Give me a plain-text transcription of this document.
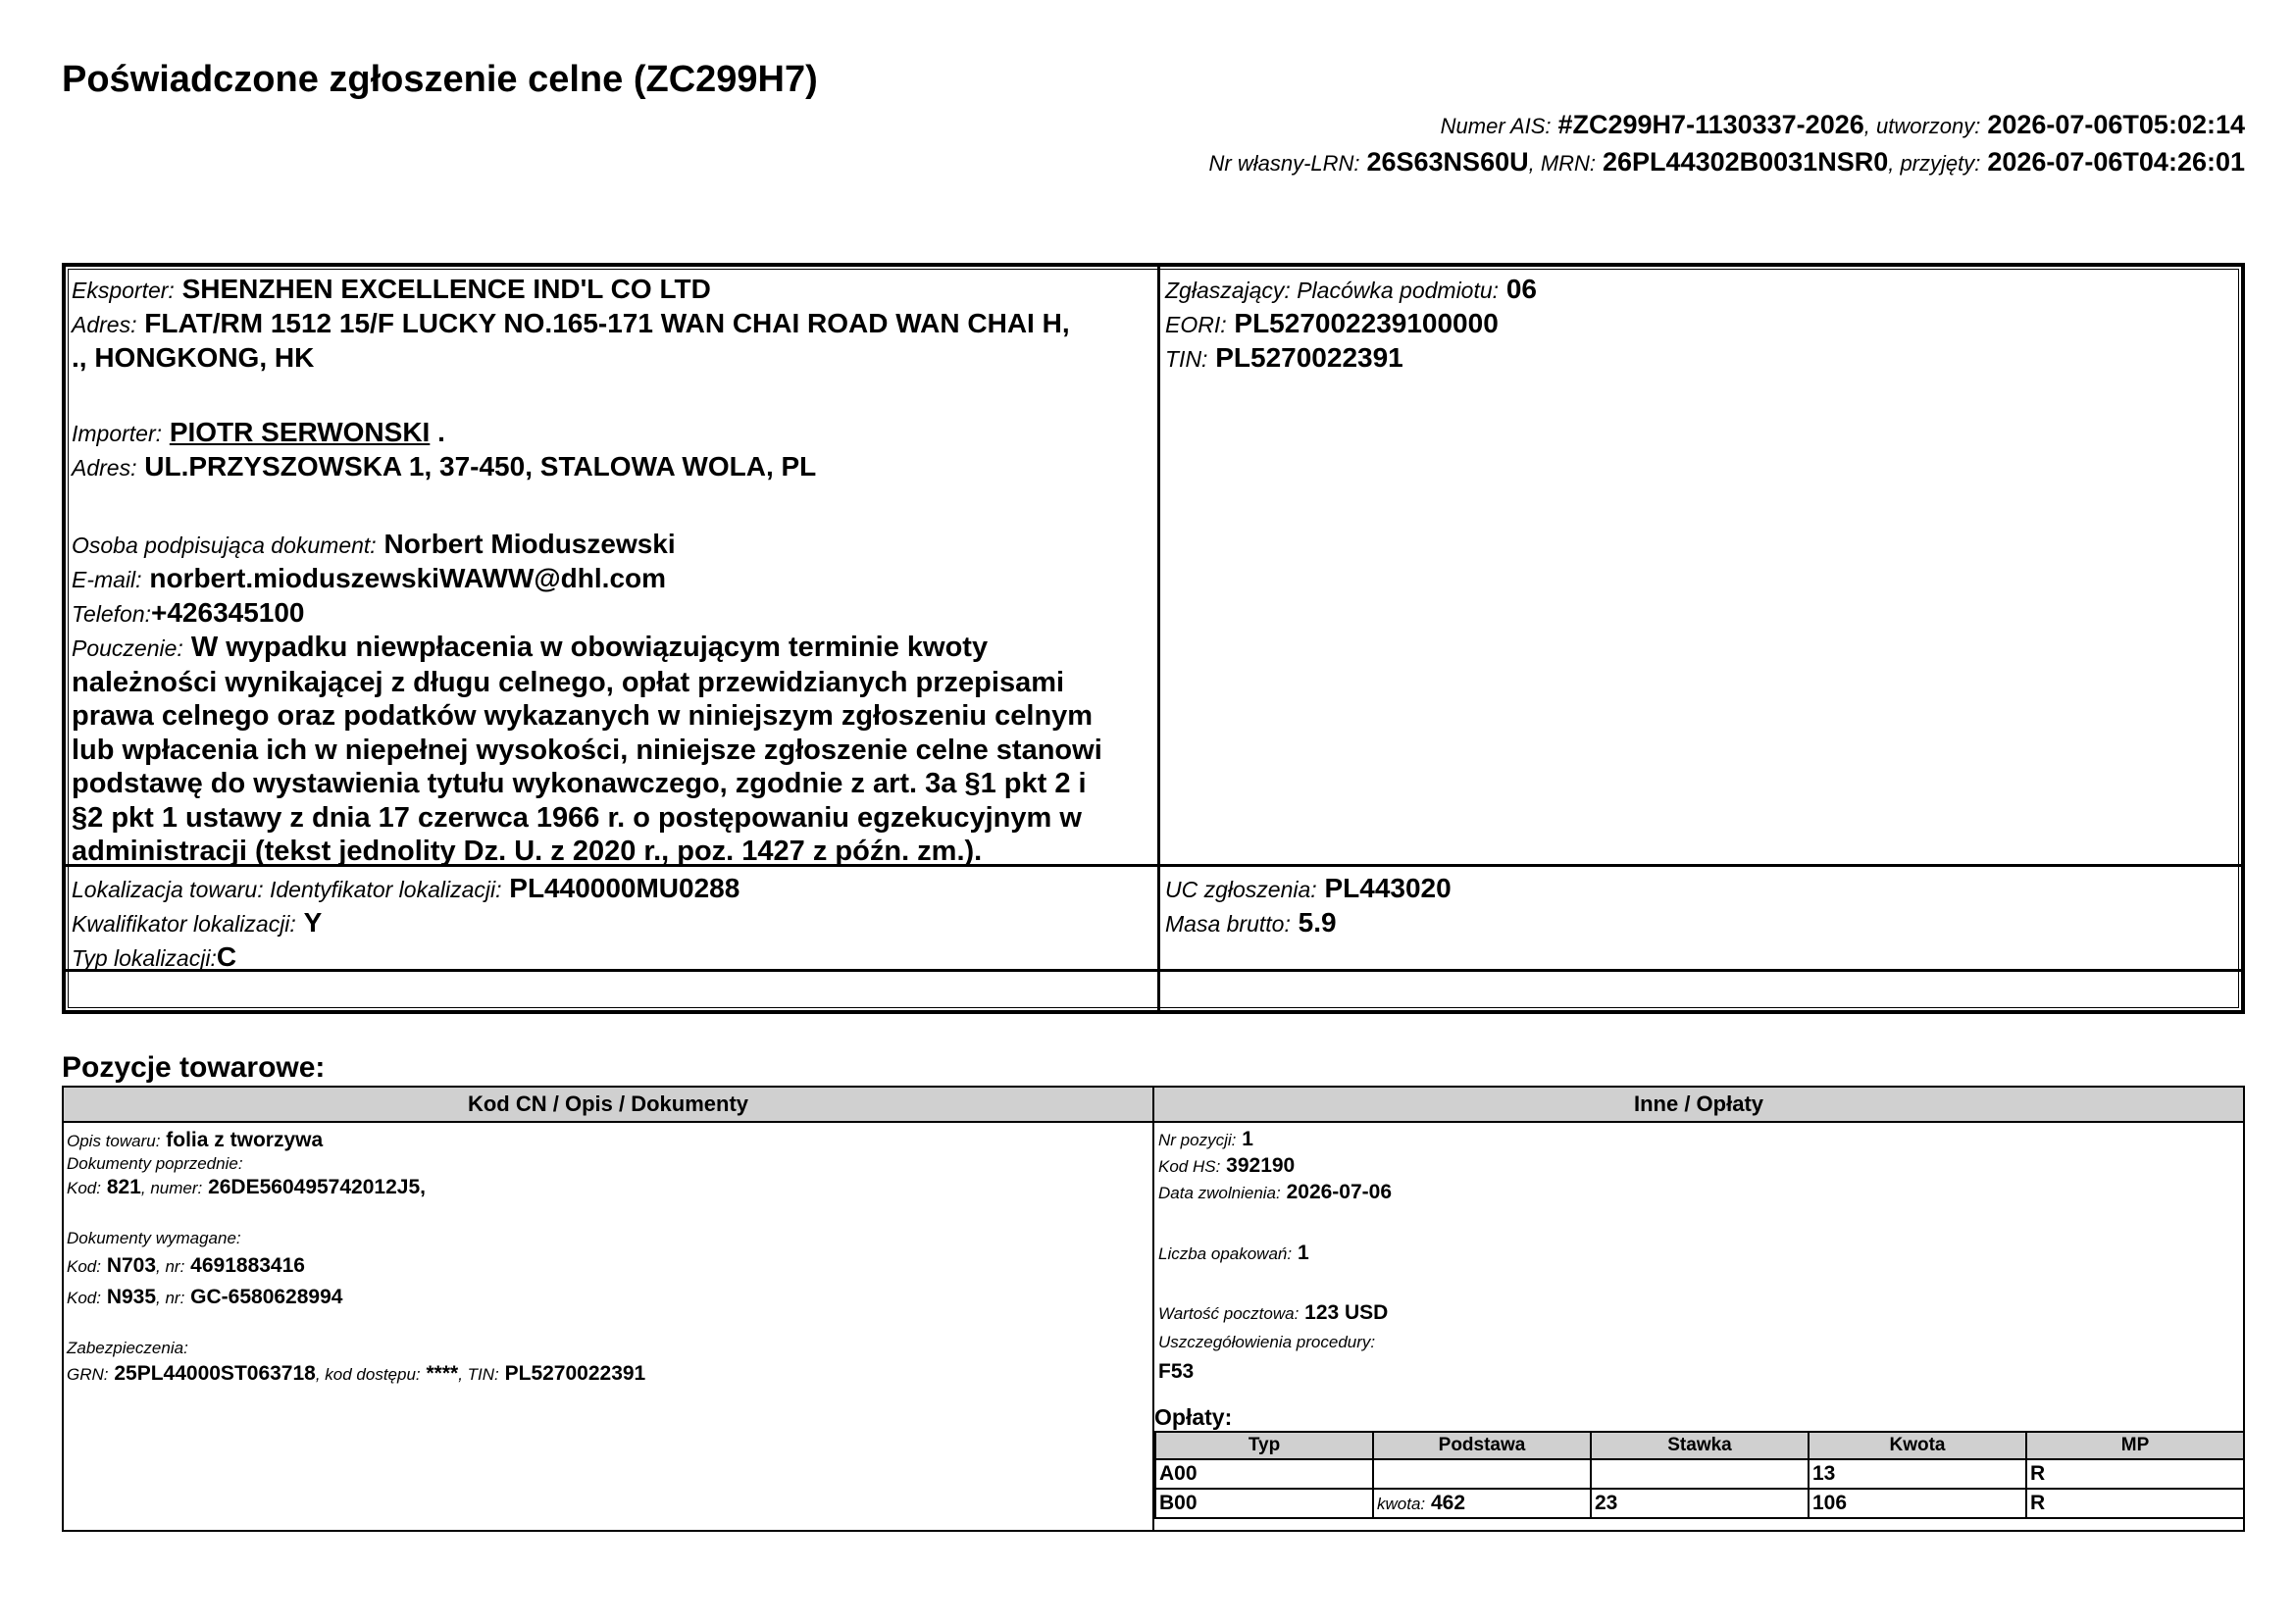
Poświadczone zgłoszenie celne (ZC299H7)
Numer AIS: #ZC299H7-1130337-2026, utworzony: 2026-07-06T05:02:14
Nr własny-LRN: 26S63NS60U, MRN: 26PL44302B0031NSR0, przyjęty: 2026-07-06T04:26:01
Eksporter: SHENZHEN EXCELLENCE IND'L CO LTD
Adres: FLAT/RM 1512 15/F LUCKY NO.165-171 WAN CHAI ROAD WAN CHAI H,
., HONGKONG, HK
Importer: PIOTR SERWONSKI .
Adres: UL.PRZYSZOWSKA 1, 37-450, STALOWA WOLA, PL
Osoba podpisująca dokument: Norbert Mioduszewski
E-mail: norbert.mioduszewskiWAWW@dhl.com
Telefon:+426345100
Pouczenie: W wypadku niewpłacenia w obowiązującym terminie kwoty
należności wynikającej z długu celnego, opłat przewidzianych przepisami
prawa celnego oraz podatków wykazanych w niniejszym zgłoszeniu celnym
lub wpłacenia ich w niepełnej wysokości, niniejsze zgłoszenie celne stanowi
podstawę do wystawienia tytułu wykonawczego, zgodnie z art. 3a §1 pkt 2 i
§2 pkt 1 ustawy z dnia 17 czerwca 1966 r. o postępowaniu egzekucyjnym w
administracji (tekst jednolity Dz. U. z 2020 r., poz. 1427 z późn. zm.).
Zgłaszający: Placówka podmiotu: 06
EORI: PL527002239100000
TIN: PL5270022391
Lokalizacja towaru: Identyfikator lokalizacji: PL440000MU0288
Kwalifikator lokalizacji: Y
Typ lokalizacji:C
UC zgłoszenia: PL443020
Masa brutto: 5.9
Pozycje towarowe:
Kod CN / Opis / Dokumenty	Inne / Opłaty
Opis towaru: folia z tworzywa
Dokumenty poprzednie:
Kod: 821, numer: 26DE560495742012J5,
Dokumenty wymagane:
Kod: N703, nr: 4691883416
Kod: N935, nr: GC-6580628994
Zabezpieczenia:
GRN: 25PL44000ST063718, kod dostępu: ****, TIN: PL5270022391
Nr pozycji: 1
Kod HS: 392190
Data zwolnienia: 2026-07-06
Liczba opakowań: 1
Wartość pocztowa: 123 USD
Uszczegółowienia procedury:
F53
Opłaty:
Typ	Podstawa	Stawka	Kwota	MP
A00			13	R
B00	kwota: 462	23	106	R
